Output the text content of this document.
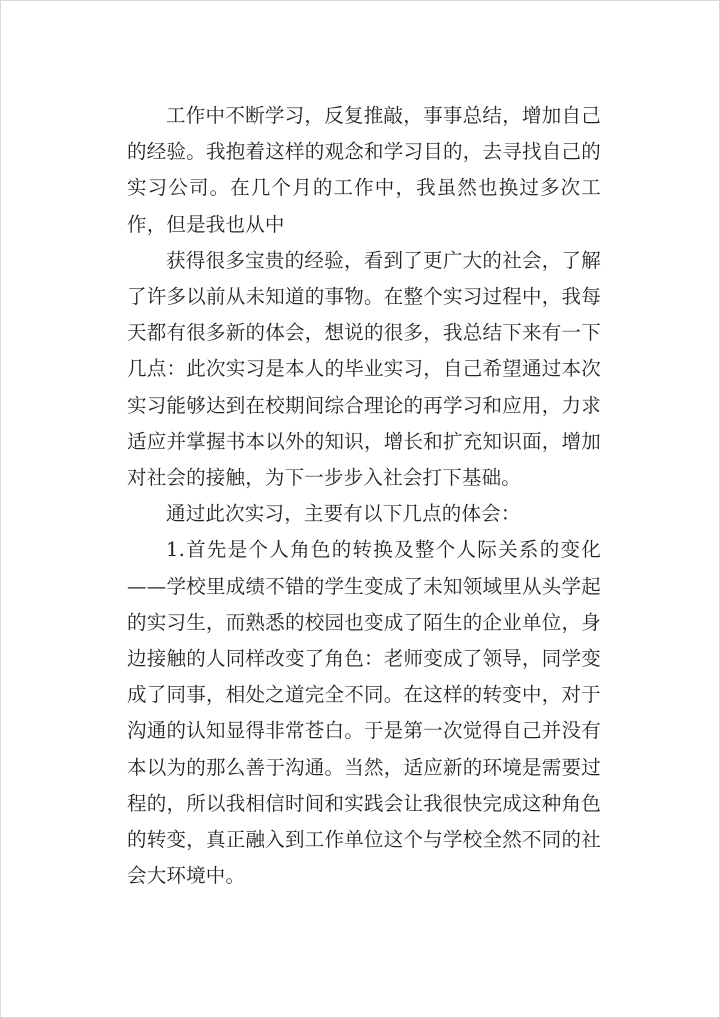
工作中不断学习，反复推敲，事事总结，增加自己的经验。我抱着这样的观念和学习目的，去寻找自己的实习公司。在几个月的工作中，我虽然也换过多次工作，但是我也从中

获得很多宝贵的经验，看到了更广大的社会，了解了许多以前从未知道的事物。在整个实习过程中，我每天都有很多新的体会，想说的很多，我总结下来有一下几点：此次实习是本人的毕业实习，自己希望通过本次实习能够达到在校期间综合理论的再学习和应用，力求适应并掌握书本以外的知识，增长和扩充知识面，增加对社会的接触，为下一步步入社会打下基础。

通过此次实习，主要有以下几点的体会：

1.首先是个人角色的转换及整个人际关系的变化——学校里成绩不错的学生变成了未知领域里从头学起的实习生，而熟悉的校园也变成了陌生的企业单位，身边接触的人同样改变了角色：老师变成了领导，同学变成了同事，相处之道完全不同。在这样的转变中，对于沟通的认知显得非常苍白。于是第一次觉得自己并没有本以为的那么善于沟通。当然，适应新的环境是需要过程的，所以我相信时间和实践会让我很快完成这种角色的转变，真正融入到工作单位这个与学校全然不同的社会大环境中。
